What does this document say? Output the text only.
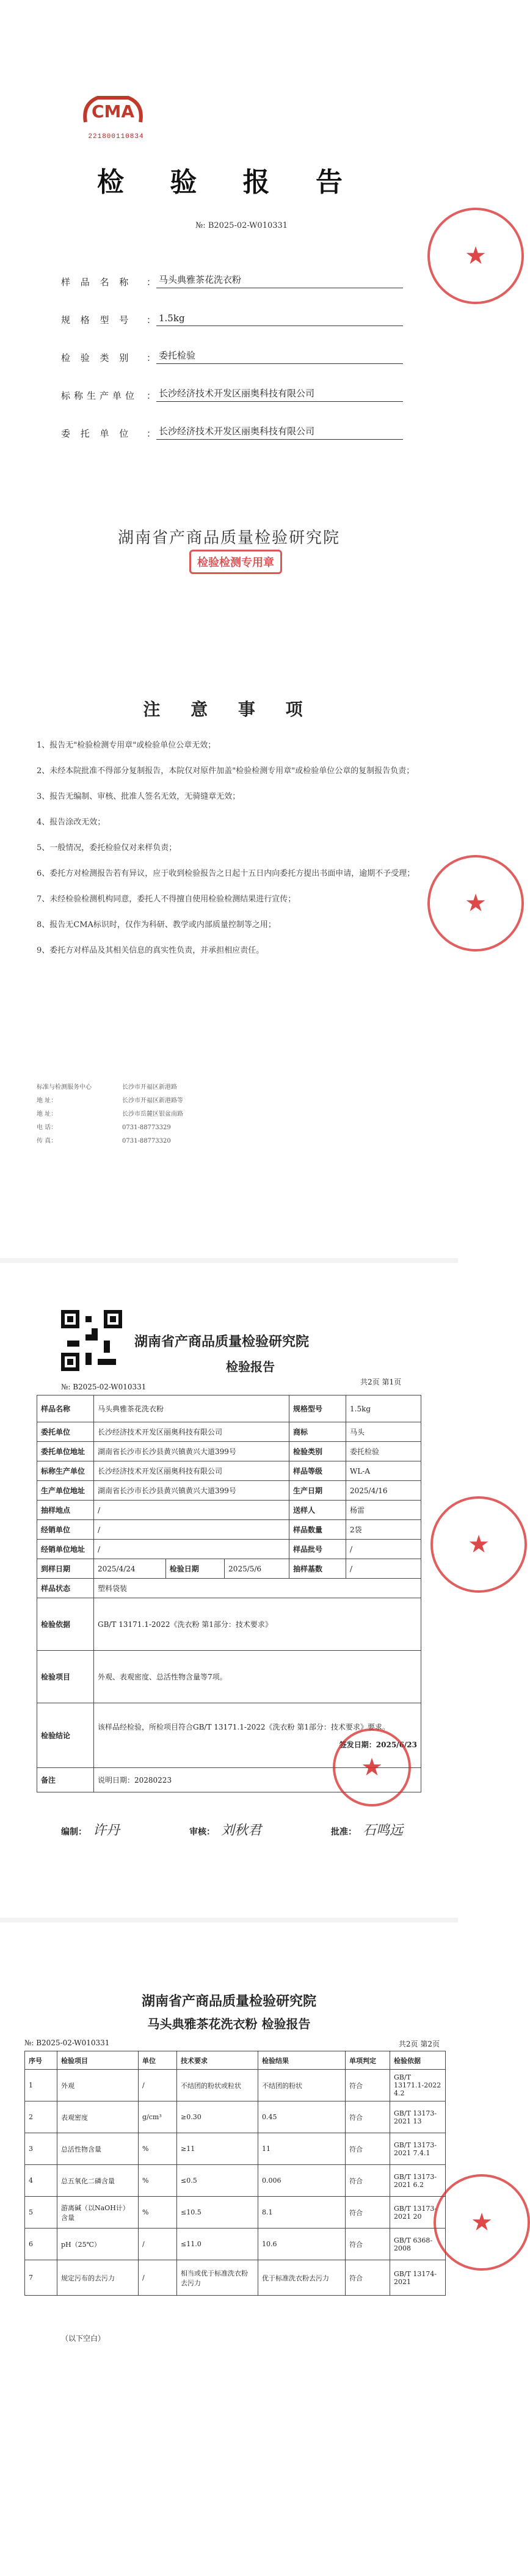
CMA
221800110834
检 验 报 告
№: B2025-02-W010331
样 品 名 称	： 马头典雅茶花洗衣粉
规 格 型 号	： 1.5kg
检 验 类 别	： 委托检验
标称生产单位 ： 长沙经济技术开发区丽奥科技有限公司
委 托 单 位	： 长沙经济技术开发区丽奥科技有限公司
湖南省产商品质量检验研究院
检验检测专用章
★
注 意 事 项

1、报告无"检验检测专用章"或检验单位公章无效；

2、未经本院批准不得部分复制报告，本院仅对原件加盖"检验检测专用章"或检验单位公章的复制报告负责；

3、报告无编制、审核、批准人签名无效，无骑缝章无效；

4、报告涂改无效；

5、一般情况，委托检验仅对来样负责；

6、委托方对检测报告若有异议，应于收到检验报告之日起十五日内向委托方提出书面申请，逾期不予受理；

7、未经检验检测机构同意，委托人不得擅自使用检验检测结果进行宣传；

8、报告无CMA标识时，仅作为科研、教学或内部质量控制等之用；

9、委托方对样品及其相关信息的真实性负责，并承担相应责任。

★
标准与检测服务中心	长沙市开福区新港路
地 址：	长沙市开福区新港路等
地 址：	长沙市岳麓区银盆南路
电 话：	0731-88773329
传 真：	0731-88773320
湖南省产商品质量检验研究院
检验报告
№: B2025-02-W010331
共2页 第1页
样品名称	马头典雅茶花洗衣粉			规格型号	1.5kg
委托单位	长沙经济技术开发区丽奥科技有限公司			商标	马头
委托单位地址	湖南省长沙市长沙县黄兴镇黄兴大道399号			检验类别	委托检验
标称生产单位	长沙经济技术开发区丽奥科技有限公司			样品等级	WL-A
生产单位地址	湖南省长沙市长沙县黄兴镇黄兴大道399号			生产日期	2025/4/16
抽样地点	/			送样人	杨雷
经销单位	/			样品数量	2袋
经销单位地址	/			样品批号	/
到样日期	2025/4/24	检验日期	2025/5/6	抽样基数	/
样品状态	塑料袋装				
检验依据	GB/T 13171.1-2022《洗衣粉 第1部分：技术要求》				
检验项目	外观、表观密度、总活性物含量等7项。				
检验结论	该样品经检验，所检项目符合GB/T 13171.1-2022《洗衣粉 第1部分：技术要求》要求。
签发日期：2025/6/23				

备注	说明日期：20280223					★
★
编制： 许丹	审核： 刘秋君	批准： 石鸣远
湖南省产商品质量检验研究院
马头典雅茶花洗衣粉 检验报告
№: B2025-02-W010331	共2页 第2页
序号	检验项目	单位	技术要求	检验结果	单项判定	检验依据
1	外观	/	不结团的粉状或粒状	不结团的粉状	符合	GB/T 13171.1-2022 4.2
2	表观密度	g/cm³	≥0.30	0.45	符合	GB/T 13173-2021 13
3	总活性物含量	%	≥11	11	符合	GB/T 13173-2021 7.4.1
4	总五氧化二磷含量	%	≤0.5	0.006	符合	GB/T 13173-2021 6.2
5	游离碱（以NaOH计）含量	%	≤10.5	8.1	符合	GB/T 13173-2021 20
6	pH（25℃）	/	≤11.0	10.6	符合	GB/T 6368-2008
7	规定污布的去污力	/	相当或优于标准洗衣粉去污力	优于标准洗衣粉去污力	符合	GB/T 13174-2021
★
（以下空白）
